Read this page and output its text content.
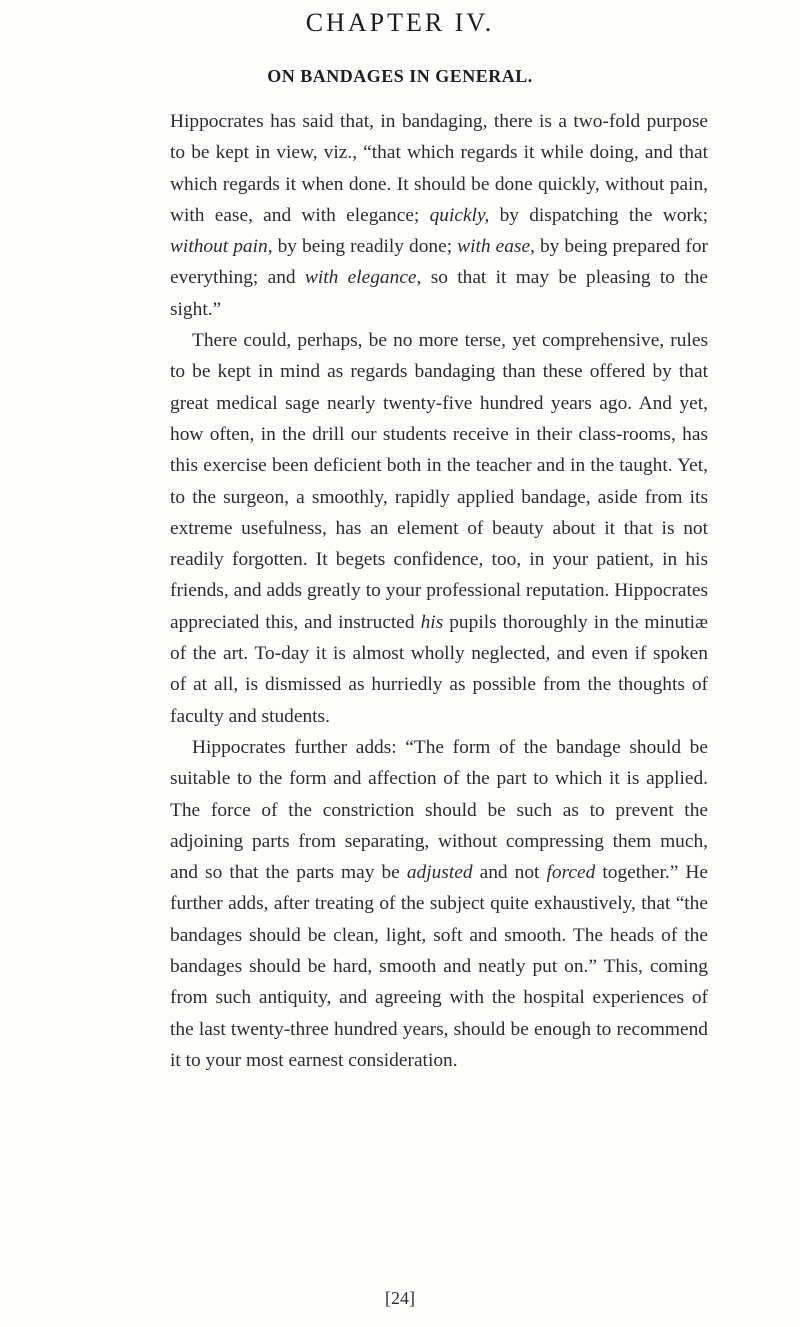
CHAPTER IV.
ON BANDAGES IN GENERAL.

Hippocrates has said that, in bandaging, there is a two-fold purpose to be kept in view, viz., “that which regards it while doing, and that which regards it when done. It should be done quickly, without pain, with ease, and with elegance; quickly, by dispatching the work; without pain, by being readily done; with ease, by being prepared for everything; and with elegance, so that it may be pleasing to the sight.”

There could, perhaps, be no more terse, yet comprehensive, rules to be kept in mind as regards bandaging than these offered by that great medical sage nearly twenty-five hundred years ago. And yet, how often, in the drill our students receive in their class-rooms, has this exercise been deficient both in the teacher and in the taught. Yet, to the surgeon, a smoothly, rapidly applied bandage, aside from its extreme usefulness, has an element of beauty about it that is not readily forgotten. It begets confidence, too, in your patient, in his friends, and adds greatly to your professional reputation. Hippocrates appreciated this, and instructed his pupils thoroughly in the minutiæ of the art. To-day it is almost wholly neglected, and even if spoken of at all, is dismissed as hurriedly as possible from the thoughts of faculty and students.

Hippocrates further adds: “The form of the bandage should be suitable to the form and affection of the part to which it is applied. The force of the constriction should be such as to prevent the adjoining parts from separating, without compressing them much, and so that the parts may be adjusted and not forced together.” He further adds, after treating of the subject quite exhaustively, that “the bandages should be clean, light, soft and smooth. The heads of the bandages should be hard, smooth and neatly put on.” This, coming from such antiquity, and agreeing with the hospital experiences of the last twenty-three hundred years, should be enough to recommend it to your most earnest consideration.

[24]
